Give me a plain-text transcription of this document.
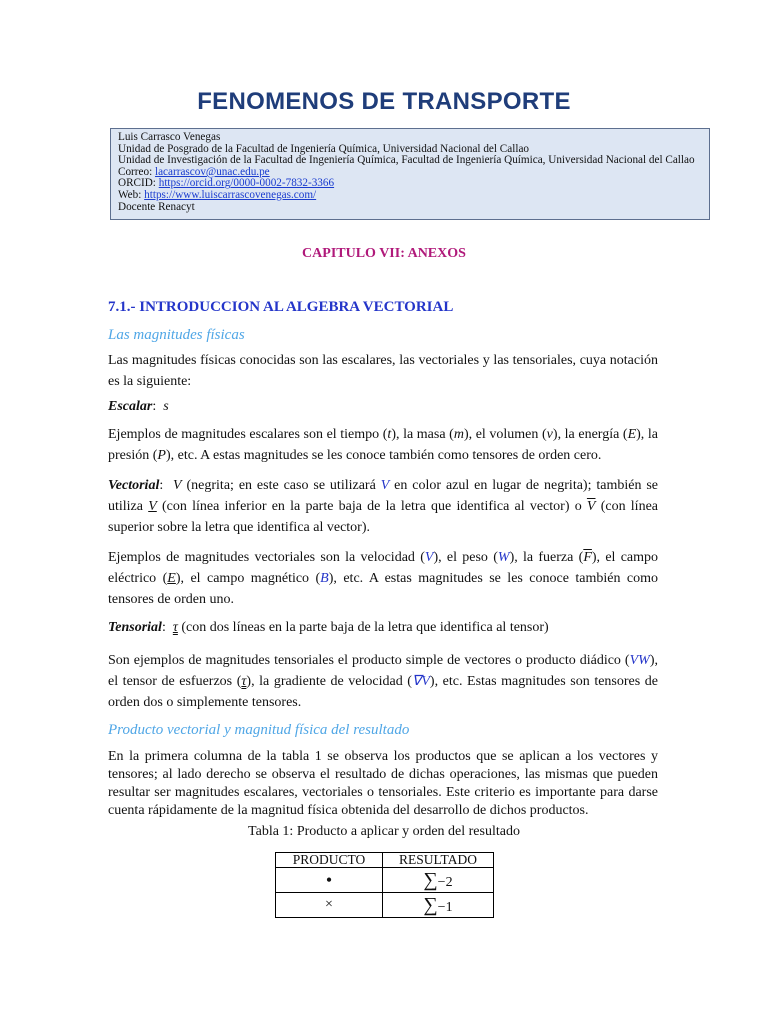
FENOMENOS DE TRANSPORTE
Luis Carrasco Venegas
Unidad de Posgrado de la Facultad de Ingeniería Química, Universidad Nacional del Callao
Unidad de Investigación de la Facultad de Ingeniería Química, Facultad de Ingeniería Química, Universidad Nacional del Callao
Correo: lacarrascov@unac.edu.pe
ORCID: https://orcid.org/0000-0002-7832-3366
Web: https://www.luiscarrascovenegas.com/
Docente Renacyt
CAPITULO VII: ANEXOS
7.1.- INTRODUCCION AL ALGEBRA VECTORIAL
Las magnitudes físicas
Las magnitudes físicas conocidas son las escalares, las vectoriales y las tensoriales, cuya notación es la siguiente:
Escalar:  s
Ejemplos de magnitudes escalares son el tiempo (t), la masa (m), el volumen (v), la energía (E), la presión (P), etc. A estas magnitudes se les conoce también como tensores de orden cero.
Vectorial:  V (negrita; en este caso se utilizará V en color azul en lugar de negrita); también se utiliza V (con línea inferior en la parte baja de la letra que identifica al vector) o $\overline{V}$ (con línea superior sobre la letra que identifica al vector).
Ejemplos de magnitudes vectoriales son la velocidad (V), el peso (W), la fuerza $(\overline{F})$, el campo eléctrico (E), el campo magnético (B), etc. A estas magnitudes se les conoce también como tensores de orden uno.
Tensorial:  τ (con dos líneas en la parte baja de la letra que identifica al tensor)
Son ejemplos de magnitudes tensoriales el producto simple de vectores o producto diádico (VW), el tensor de esfuerzos (τ), la gradiente de velocidad (∇V), etc. Estas magnitudes son tensores de orden dos o simplemente tensores.
Producto vectorial y magnitud física del resultado
En la primera columna de la tabla 1 se observa los productos que se aplican a los vectores y tensores; al lado derecho se observa el resultado de dichas operaciones, las mismas que pueden resultar ser magnitudes escalares, vectoriales o tensoriales. Este criterio es importante para darse cuenta rápidamente de la magnitud física obtenida del desarrollo de dichos productos.
Tabla 1: Producto a aplicar y orden del resultado
PRODUCTO	RESULTADO
•	∑−2
×	∑−1
